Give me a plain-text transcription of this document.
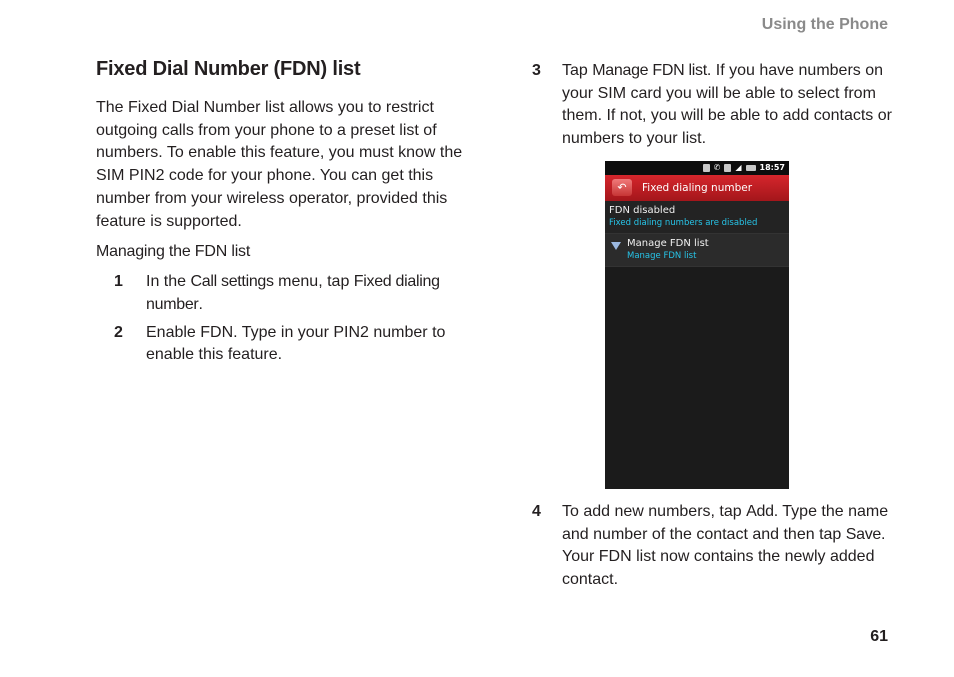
Using the Phone
Fixed Dial Number (FDN) list

The Fixed Dial Number list allows you to restrict outgoing calls from your phone to a preset list of numbers. To enable this feature, you must know the SIM PIN2 code for your phone. You can get this number from your wireless operator, provided this feature is supported.

Managing the FDN list
1 In the Call settings menu, tap Fixed dialing number.
2 Enable FDN. Type in your PIN2 number to enable this feature.
3 Tap Manage FDN list. If you have numbers on your SIM card you will be able to select from them. If not, you will be able to add contacts or numbers to your list.
✆ ◢ 18:57
↶	Fixed dialing number
FDN disabled
Fixed dialing numbers are disabled
Manage FDN list
Manage FDN list
4 To add new numbers, tap Add. Type the name and number of the contact and then tap Save. Your FDN list now contains the newly added contact.
61
